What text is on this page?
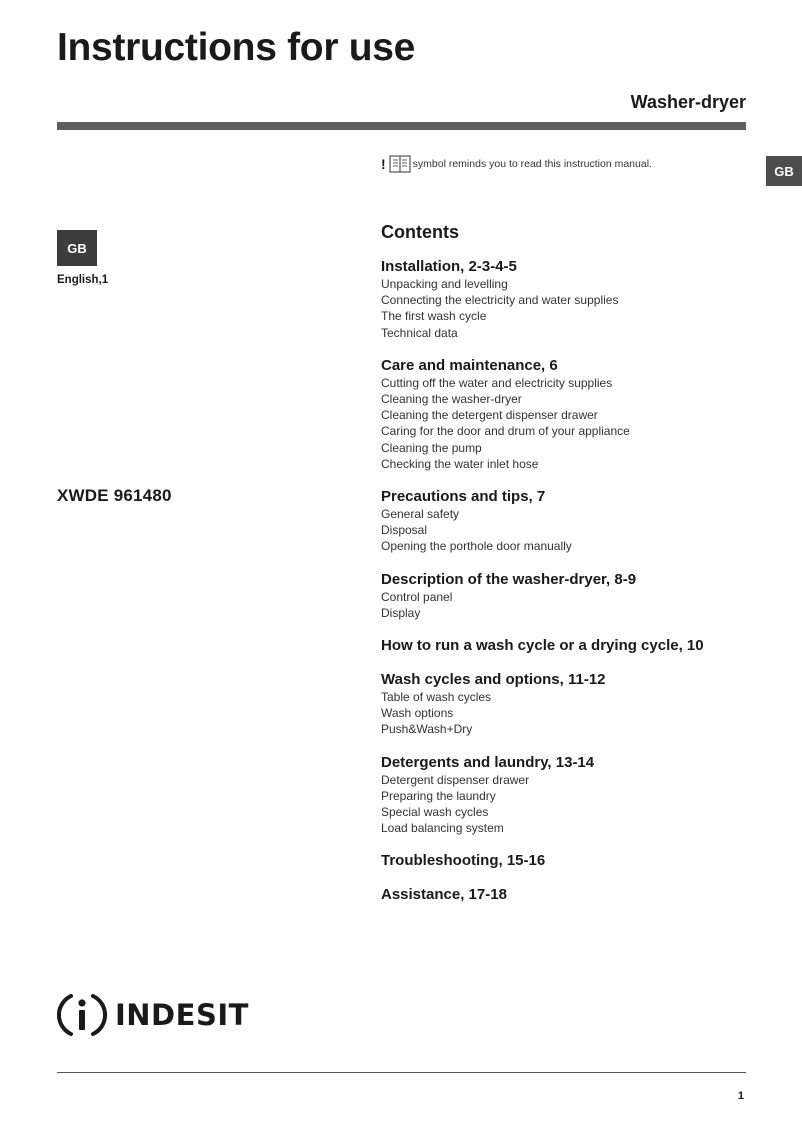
Instructions for use
Washer-dryer
GB
!	symbol reminds you to read this instruction manual.
GB
English,1
XWDE 961480
Contents
Installation, 2-3-4-5
Unpacking and levelling
Connecting the electricity and water supplies
The first wash cycle
Technical data
Care and maintenance, 6
Cutting off the water and electricity supplies
Cleaning the washer-dryer
Cleaning the detergent dispenser drawer
Caring for the door and drum of your appliance
Cleaning the pump
Checking the water inlet hose
Precautions and tips, 7
General safety
Disposal
Opening the porthole door manually
Description of the washer-dryer, 8-9
Control panel
Display
How to run a wash cycle or a drying cycle, 10
Wash cycles and options, 11-12
Table of wash cycles
Wash options
Push&Wash+Dry
Detergents and laundry, 13-14
Detergent dispenser drawer
Preparing the laundry
Special wash cycles
Load balancing system
Troubleshooting, 15-16
Assistance, 17-18
INDESIT
1
